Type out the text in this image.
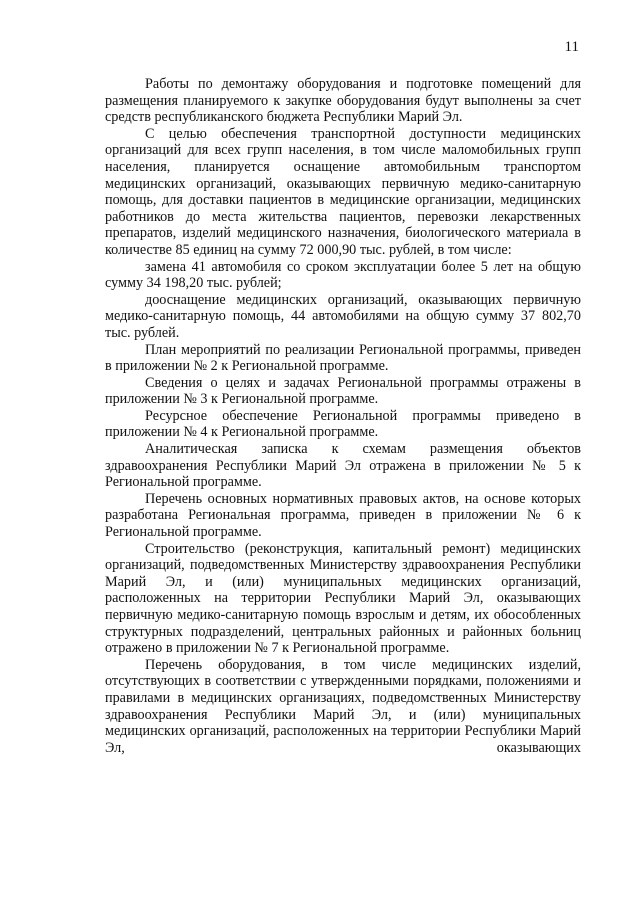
11

Работы по демонтажу оборудования и подготовке помещений для размещения планируемого к закупке оборудования будут выполнены за счет средств республиканского бюджета Республики Марий Эл.

С целью обеспечения транспортной доступности медицинских организаций для всех групп населения, в том числе маломобильных групп населения, планируется оснащение автомобильным транспортом медицинских организаций, оказывающих первичную медико-санитарную помощь, для доставки пациентов в медицинские организации, медицинских работников до места жительства пациентов, перевозки лекарственных препаратов, изделий медицинского назначения, биологического материала в количестве 85 единиц на сумму 72 000,90 тыс. рублей, в том числе:

замена 41 автомобиля со сроком эксплуатации более 5 лет на общую сумму 34 198,20 тыс. рублей;

дооснащение медицинских организаций, оказывающих первичную медико-санитарную помощь, 44 автомобилями на общую сумму 37 802,70 тыс. рублей.

План мероприятий по реализации Региональной программы, приведен в приложении № 2 к Региональной программе.

Сведения о целях и задачах Региональной программы отражены в приложении № 3 к Региональной программе.

Ресурсное обеспечение Региональной программы приведено в приложении № 4 к Региональной программе.

Аналитическая записка к схемам размещения объектов здравоохранения Республики Марий Эл отражена в приложении № 5 к Региональной программе.

Перечень основных нормативных правовых актов, на основе которых разработана Региональная программа, приведен в приложении № 6 к Региональной программе.

Строительство (реконструкция, капитальный ремонт) медицинских организаций, подведомственных Министерству здравоохранения Республики Марий Эл, и (или) муниципальных медицинских организаций, расположенных на территории Республики Марий Эл, оказывающих первичную медико-санитарную помощь взрослым и детям, их обособленных структурных подразделений, центральных районных и районных больниц отражено в приложении № 7 к Региональной программе.

Перечень оборудования, в том числе медицинских изделий, отсутствующих в соответствии с утвержденными порядками, положениями и правилами в медицинских организациях, подведомственных Министерству здравоохранения Республики Марий Эл, и (или) муниципальных медицинских организаций, расположенных на территории Республики Марий Эл, оказывающих
